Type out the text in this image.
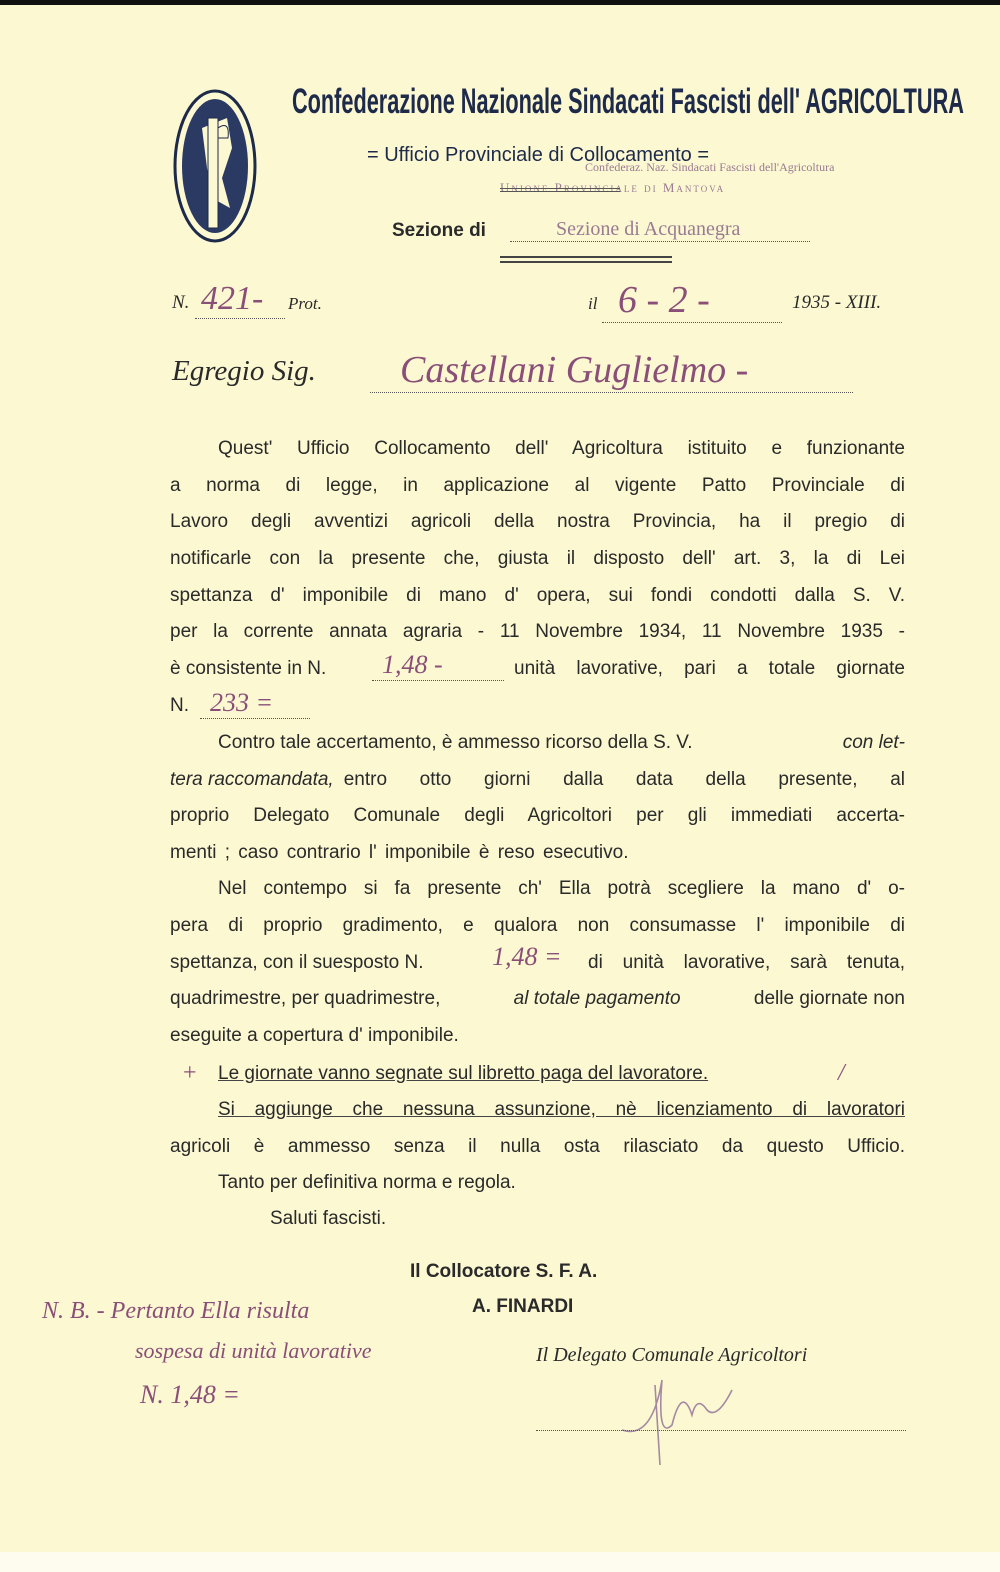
Confederazione Nazionale Sindacati Fascisti dell' AGRICOLTURA
= Ufficio Provinciale di Collocamento =
Confederaz. Naz. Sindacati Fascisti dell'Agricoltura
Unione Provinciale di Mantova
Sezione di	Sezione di Acquanegra
N. 421-	Prot.	il 6 - 2 -	1935 - XIII.
Egregio Sig.	Castellani Guglielmo -
Quest' Ufficio Collocamento dell' Agricoltura istituito e funzionante
a norma di legge, in applicazione al vigente Patto Provinciale di
Lavoro degli avventizi agricoli della nostra Provincia, ha il pregio di
notificarle con la presente che, giusta il disposto dell' art. 3, la di Lei
spettanza d' imponibile di mano d' opera, sui fondi condotti dalla S. V.
per la corrente annata agraria - 11 Novembre 1934, 11 Novembre 1935 -
è consistente in N.	1,48 -	unità lavorative, pari a totale giornate
N. 233 =
Contro tale accertamento, è ammesso ricorso della S. V.	con let-
tera raccomandata, entro otto giorni dalla data della presente, al
proprio Delegato Comunale degli Agricoltori per gli immediati accerta-
menti ; caso contrario l' imponibile è reso esecutivo.
Nel contempo si fa presente ch' Ella potrà scegliere la mano d' o-
pera di proprio gradimento, e qualora non consumasse l' imponibile di
spettanza, con il suesposto N.	1,48 = di unità lavorative, sarà tenuta,
quadrimestre, per quadrimestre,	al totale pagamento	delle giornate non
eseguite a copertura d' imponibile.
+ Le giornate vanno segnate sul libretto paga del lavoratore.	/
Si aggiunge che nessuna assunzione, nè licenziamento di lavoratori
agricoli è ammesso senza il nulla osta rilasciato da questo Ufficio.
Tanto per definitiva norma e regola.
Saluti fascisti.
Il Collocatore S. F. A.
A. FINARDI
Il Delegato Comunale Agricoltori
N. B. - Pertanto Ella risulta
sospesa di unità lavorative
N. 1,48 =
